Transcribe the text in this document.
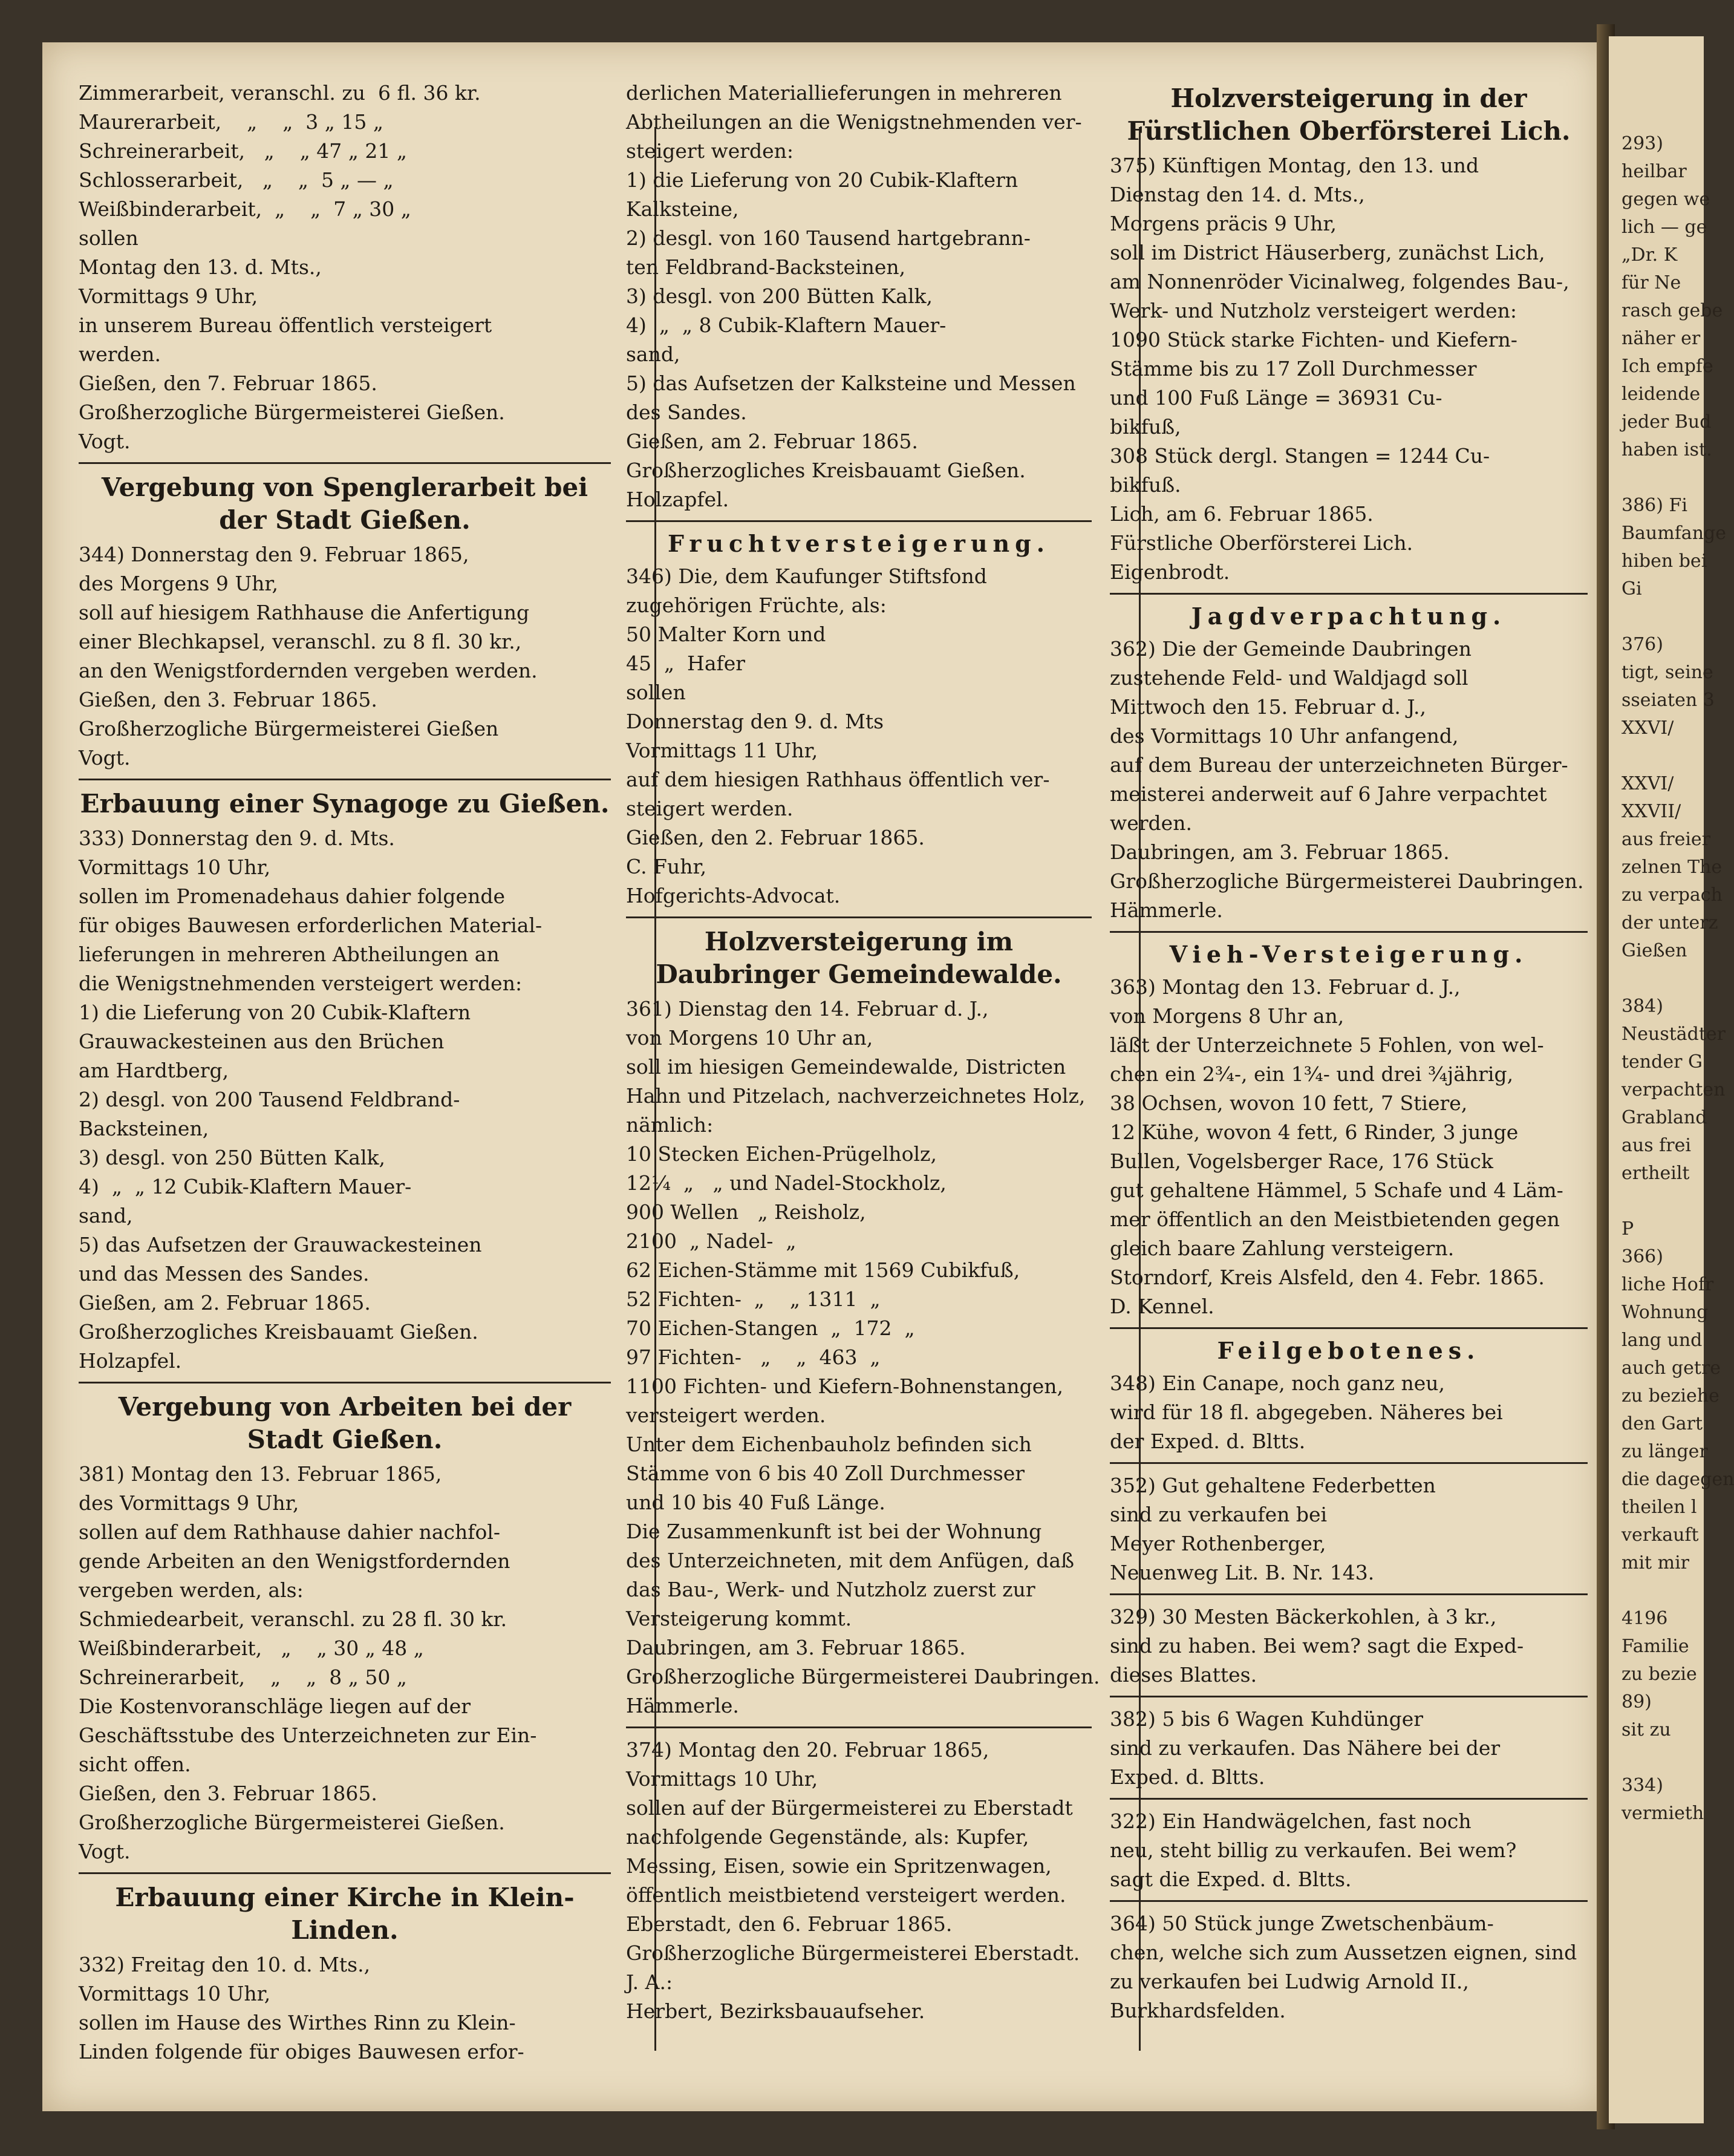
Zimmerarbeit, veranschl. zu  6 fl. 36 kr.
Maurerarbeit,    „    „  3 „ 15 „
Schreinerarbeit,   „    „ 47 „ 21 „
Schlosserarbeit,   „    „  5 „ — „
Weißbinderarbeit,  „    „  7 „ 30 „
sollen
Montag den 13. d. Mts.,
Vormittags 9 Uhr,
in unserem Bureau öffentlich versteigert
werden.
Gießen, den 7. Februar 1865.
Großherzogliche Bürgermeisterei Gießen.
Vogt.
Vergebung von Spenglerarbeit bei der Stadt Gießen.
344) Donnerstag den 9. Februar 1865,
des Morgens 9 Uhr,
soll auf hiesigem Rathhause die Anfertigung
einer Blechkapsel, veranschl. zu 8 fl. 30 kr.,
an den Wenigstfordernden vergeben werden.
Gießen, den 3. Februar 1865.
Großherzogliche Bürgermeisterei Gießen
Vogt.
Erbauung einer Synagoge zu Gießen.
333) Donnerstag den 9. d. Mts.
Vormittags 10 Uhr,
sollen im Promenadehaus dahier folgende
für obiges Bauwesen erforderlichen Material-
lieferungen in mehreren Abtheilungen an
die Wenigstnehmenden versteigert werden:
1) die Lieferung von 20 Cubik-Klaftern
Grauwackesteinen aus den Brüchen
am Hardtberg,
2) desgl. von 200 Tausend Feldbrand-
Backsteinen,
3) desgl. von 250 Bütten Kalk,
4)  „  „ 12 Cubik-Klaftern Mauer-
sand,
5) das Aufsetzen der Grauwackesteinen
und das Messen des Sandes.
Gießen, am 2. Februar 1865.
Großherzogliches Kreisbauamt Gießen.
Holzapfel.
Vergebung von Arbeiten bei der Stadt Gießen.
381) Montag den 13. Februar 1865,
des Vormittags 9 Uhr,
sollen auf dem Rathhause dahier nachfol-
gende Arbeiten an den Wenigstfordernden
vergeben werden, als:
Schmiedearbeit, veranschl. zu 28 fl. 30 kr.
Weißbinderarbeit,   „    „ 30 „ 48 „
Schreinerarbeit,    „    „  8 „ 50 „
Die Kostenvoranschläge liegen auf der
Geschäftsstube des Unterzeichneten zur Ein-
sicht offen.
Gießen, den 3. Februar 1865.
Großherzogliche Bürgermeisterei Gießen.
Vogt.
Erbauung einer Kirche in Klein-Linden.
332) Freitag den 10. d. Mts.,
Vormittags 10 Uhr,
sollen im Hause des Wirthes Rinn zu Klein-
Linden folgende für obiges Bauwesen erfor-
derlichen Materiallieferungen in mehreren
Abtheilungen an die Wenigstnehmenden ver-
steigert werden:
1) die Lieferung von 20 Cubik-Klaftern
Kalksteine,
2) desgl. von 160 Tausend hartgebrann-
ten Feldbrand-Backsteinen,
3) desgl. von 200 Bütten Kalk,
4)  „  „ 8 Cubik-Klaftern Mauer-
sand,
5) das Aufsetzen der Kalksteine und Messen
des Sandes.
Gießen, am 2. Februar 1865.
Großherzogliches Kreisbauamt Gießen.
Holzapfel.
Fruchtversteigerung.
346) Die, dem Kaufunger Stiftsfond
zugehörigen Früchte, als:
50 Malter Korn und
45  „  Hafer
sollen
Donnerstag den 9. d. Mts
Vormittags 11 Uhr,
auf dem hiesigen Rathhaus öffentlich ver-
steigert werden.
Gießen, den 2. Februar 1865.
C. Fuhr,
Hofgerichts-Advocat.
Holzversteigerung im Daubringer Gemeindewalde.
361) Dienstag den 14. Februar d. J.,
von Morgens 10 Uhr an,
soll im hiesigen Gemeindewalde, Districten
Hahn und Pitzelach, nachverzeichnetes Holz,
nämlich:
10 Stecken Eichen-Prügelholz,
12¼  „   „ und Nadel-Stockholz,
900 Wellen   „ Reisholz,
2100  „ Nadel-  „
62 Eichen-Stämme mit 1569 Cubikfuß,
52 Fichten-  „    „ 1311  „
70 Eichen-Stangen  „  172  „
97 Fichten-   „    „  463  „
1100 Fichten- und Kiefern-Bohnenstangen,
versteigert werden.
Unter dem Eichenbauholz befinden sich
Stämme von 6 bis 40 Zoll Durchmesser
und 10 bis 40 Fuß Länge.
Die Zusammenkunft ist bei der Wohnung
des Unterzeichneten, mit dem Anfügen, daß
das Bau-, Werk- und Nutzholz zuerst zur
Versteigerung kommt.
Daubringen, am 3. Februar 1865.
Großherzogliche Bürgermeisterei Daubringen.
Hämmerle.
374) Montag den 20. Februar 1865,
Vormittags 10 Uhr,
sollen auf der Bürgermeisterei zu Eberstadt
nachfolgende Gegenstände, als: Kupfer,
Messing, Eisen, sowie ein Spritzenwagen,
öffentlich meistbietend versteigert werden.
Eberstadt, den 6. Februar 1865.
Großherzogliche Bürgermeisterei Eberstadt.
J. A.:
Herbert, Bezirksbauaufseher.
Holzversteigerung in der Fürstlichen Oberförsterei Lich.
375) Künftigen Montag, den 13. und
Dienstag den 14. d. Mts.,
Morgens präcis 9 Uhr,
soll im District Häuserberg, zunächst Lich,
am Nonnenröder Vicinalweg, folgendes Bau-,
Werk- und Nutzholz versteigert werden:
1090 Stück starke Fichten- und Kiefern-
Stämme bis zu 17 Zoll Durchmesser
und 100 Fuß Länge = 36931 Cu-
bikfuß,
308 Stück dergl. Stangen = 1244 Cu-
bikfuß.
Lich, am 6. Februar 1865.
Fürstliche Oberförsterei Lich.
Eigenbrodt.
Jagdverpachtung.
362) Die der Gemeinde Daubringen
zustehende Feld- und Waldjagd soll
Mittwoch den 15. Februar d. J.,
des Vormittags 10 Uhr anfangend,
auf dem Bureau der unterzeichneten Bürger-
meisterei anderweit auf 6 Jahre verpachtet
werden.
Daubringen, am 3. Februar 1865.
Großherzogliche Bürgermeisterei Daubringen.
Hämmerle.
Vieh-Versteigerung.
363) Montag den 13. Februar d. J.,
von Morgens 8 Uhr an,
läßt der Unterzeichnete 5 Fohlen, von wel-
chen ein 2¾-, ein 1¾- und drei ¾jährig,
38 Ochsen, wovon 10 fett, 7 Stiere,
12 Kühe, wovon 4 fett, 6 Rinder, 3 junge
Bullen, Vogelsberger Race, 176 Stück
gut gehaltene Hämmel, 5 Schafe und 4 Läm-
mer öffentlich an den Meistbietenden gegen
gleich baare Zahlung versteigern.
Storndorf, Kreis Alsfeld, den 4. Febr. 1865.
D. Kennel.
Feilgebotenes.
348) Ein Canape, noch ganz neu,
wird für 18 fl. abgegeben. Näheres bei
der Exped. d. Bltts.
352) Gut gehaltene Federbetten
sind zu verkaufen bei
Meyer Rothenberger,
Neuenweg Lit. B. Nr. 143.
329) 30 Mesten Bäckerkohlen, à 3 kr.,
sind zu haben. Bei wem? sagt die Exped-
dieses Blattes.
382) 5 bis 6 Wagen Kuhdünger
sind zu verkaufen. Das Nähere bei der
Exped. d. Bltts.
322) Ein Handwägelchen, fast noch
neu, steht billig zu verkaufen. Bei wem?
sagt die Exped. d. Bltts.
364) 50 Stück junge Zwetschenbäum-
chen, welche sich zum Aussetzen eignen, sind
zu verkaufen bei Ludwig Arnold II.,
Burkhardsfelden.
293)
heilbar
gegen we
lich — ge
„Dr. K
für Ne
rasch gebe
näher er
Ich empfe
leidende
jeder Bud
haben ist.

386) Fi
Baumfange
hiben bei
Gi

376)
tigt, seine
sseiaten 3
XXVI/

XXVI/
XXVII/
aus freier
zelnen The
zu verpach
der unterz
Gießen

384)
Neustädter
tender G
verpachten
Grabland
aus frei
ertheilt

P
366)
liche Hofr
Wohnung
lang und
auch getre
zu beziehe
den Gart
zu länger
die dagegen
theilen l
verkauft
mit mir

4196
Familie
zu bezie
89)
sit zu

334)
vermieth
